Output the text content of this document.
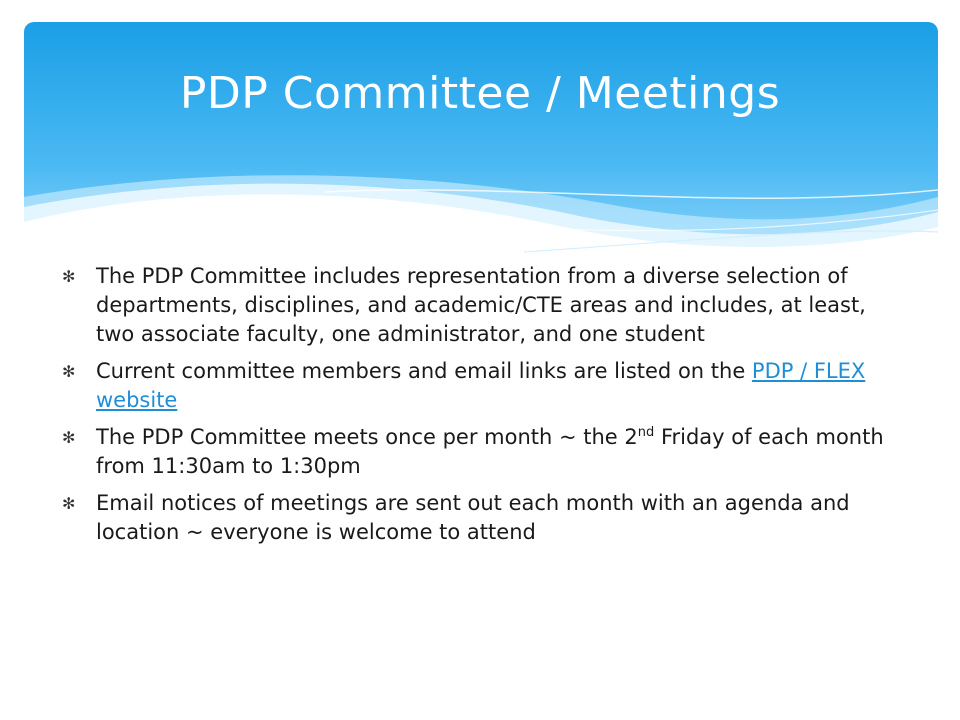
PDP Committee / Meetings
✻ The PDP Committee includes representation from a diverse selection of departments, disciplines, and academic/CTE areas and includes, at least, two associate faculty, one administrator, and one student
✻ Current committee members and email links are listed on the PDP / FLEX website
✻ The PDP Committee meets once per month ~ the 2nd Friday of each month from 11:30am to 1:30pm
✻ Email notices of meetings are sent out each month with an agenda and location ~ everyone is welcome to attend
